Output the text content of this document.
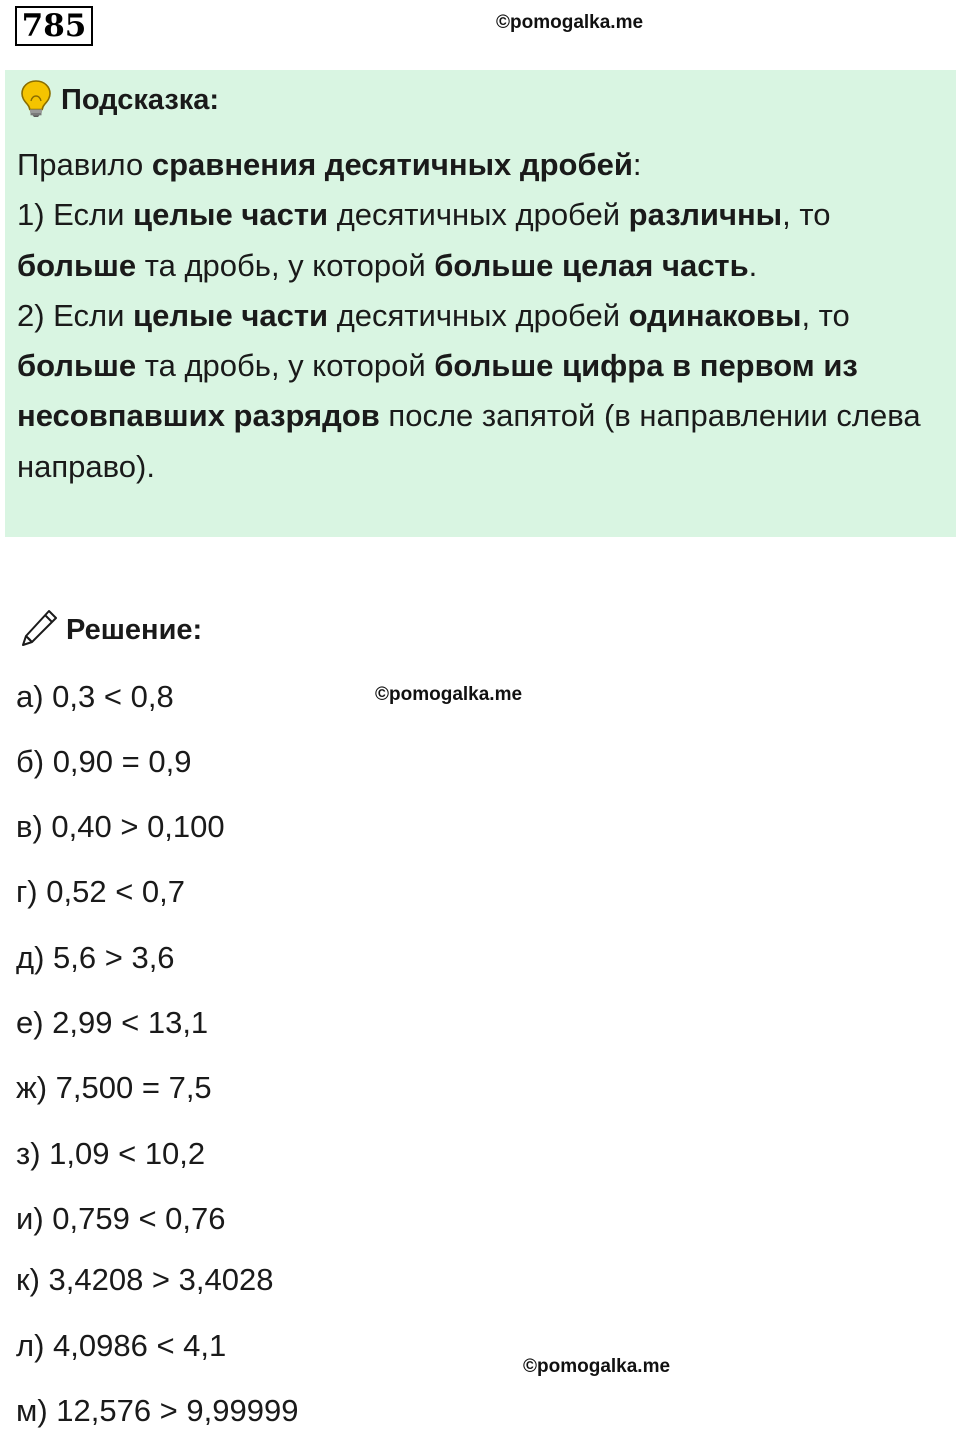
785	©pomogalka.me
Подсказка:
Правило сравнения десятичных дробей:
1) Если целые части десятичных дробей различны, то больше та дробь, у которой больше целая часть.
2) Если целые части десятичных дробей одинаковы, то больше та дробь, у которой больше цифра в первом из несовпавших разрядов после запятой (в направлении слева направо).
Решение:
©pomogalka.me
а) 0,3 < 0,8
б) 0,90 = 0,9
в) 0,40 > 0,100
г) 0,52 < 0,7
д) 5,6 > 3,6
е) 2,99 < 13,1
ж) 7,500 = 7,5
з) 1,09 < 10,2
и) 0,759 < 0,76
к) 3,4208 > 3,4028
л) 4,0986 < 4,1
м) 12,576 > 9,99999
©pomogalka.me
